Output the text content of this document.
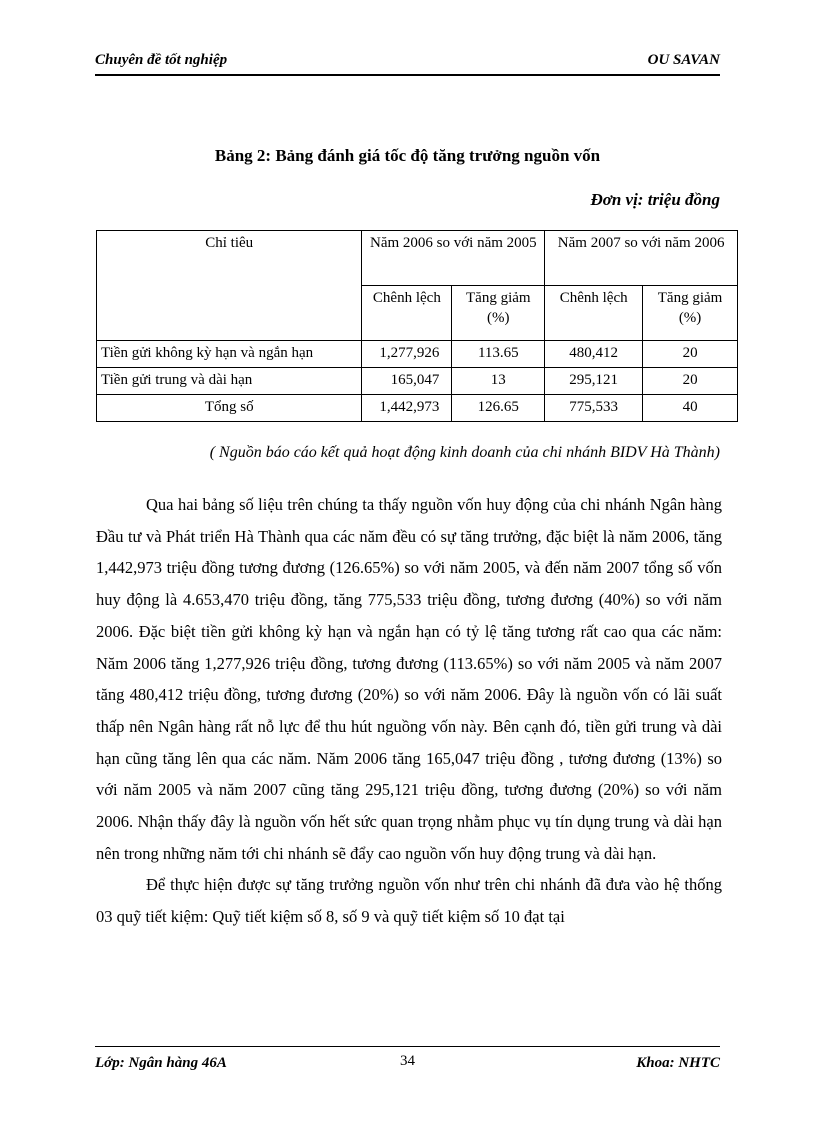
Chuyên đề tốt nghiệp	OU SAVAN
Bảng 2: Bảng đánh giá tốc độ tăng trưởng nguồn vốn
Đơn vị: triệu đồng
Chỉ tiêu	Năm 2006 so với năm 2005		Năm 2007 so với năm 2006	
	Chênh lệch	Tăng giảm (%)	Chênh lệch	Tăng giảm (%)
Tiền gửi không kỳ hạn và ngắn hạn	1,277,926	113.65	480,412	20
Tiền gửi trung và dài hạn	165,047	13	295,121	20
Tổng số	1,442,973	126.65	775,533	40
( Nguồn báo cáo kết quả hoạt động kinh doanh của chi nhánh BIDV Hà Thành)

Qua hai bảng số liệu trên chúng ta thấy nguồn vốn huy động của chi nhánh Ngân hàng Đầu tư và Phát triển Hà Thành qua các năm đều có sự tăng trưởng, đặc biệt là năm 2006, tăng 1,442,973 triệu đồng tương đương (126.65%) so với năm 2005, và đến năm 2007 tổng số vốn huy động là 4.653,470 triệu đồng, tăng 775,533 triệu đồng, tương đương (40%) so với năm 2006. Đặc biệt tiền gửi không kỳ hạn và ngắn hạn có tỷ lệ tăng tương rất cao qua các năm: Năm 2006 tăng 1,277,926 triệu đồng, tương đương (113.65%) so với năm 2005 và năm 2007 tăng 480,412 triệu đồng, tương đương (20%) so với năm 2006. Đây là nguồn vốn có lãi suất thấp nên Ngân hàng rất nỗ lực để thu hút nguồng vốn này. Bên cạnh đó, tiền gửi trung và dài hạn cũng tăng lên qua các năm. Năm 2006 tăng 165,047 triệu đồng , tương đương (13%) so với năm 2005 và năm 2007 cũng tăng 295,121 triệu đồng, tương đương (20%) so với năm 2006. Nhận thấy đây là nguồn vốn hết sức quan trọng nhằm phục vụ tín dụng trung và dài hạn nên trong những năm tới chi nhánh sẽ đẩy cao nguồn vốn huy động trung và dài hạn.

Để thực hiện được sự tăng trưởng nguồn vốn như trên chi nhánh đã đưa vào hệ thống 03 quỹ tiết kiệm: Quỹ tiết kiệm số 8, số 9 và quỹ tiết kiệm số 10 đạt tại

Lớp: Ngân hàng 46A	34	Khoa: NHTC
